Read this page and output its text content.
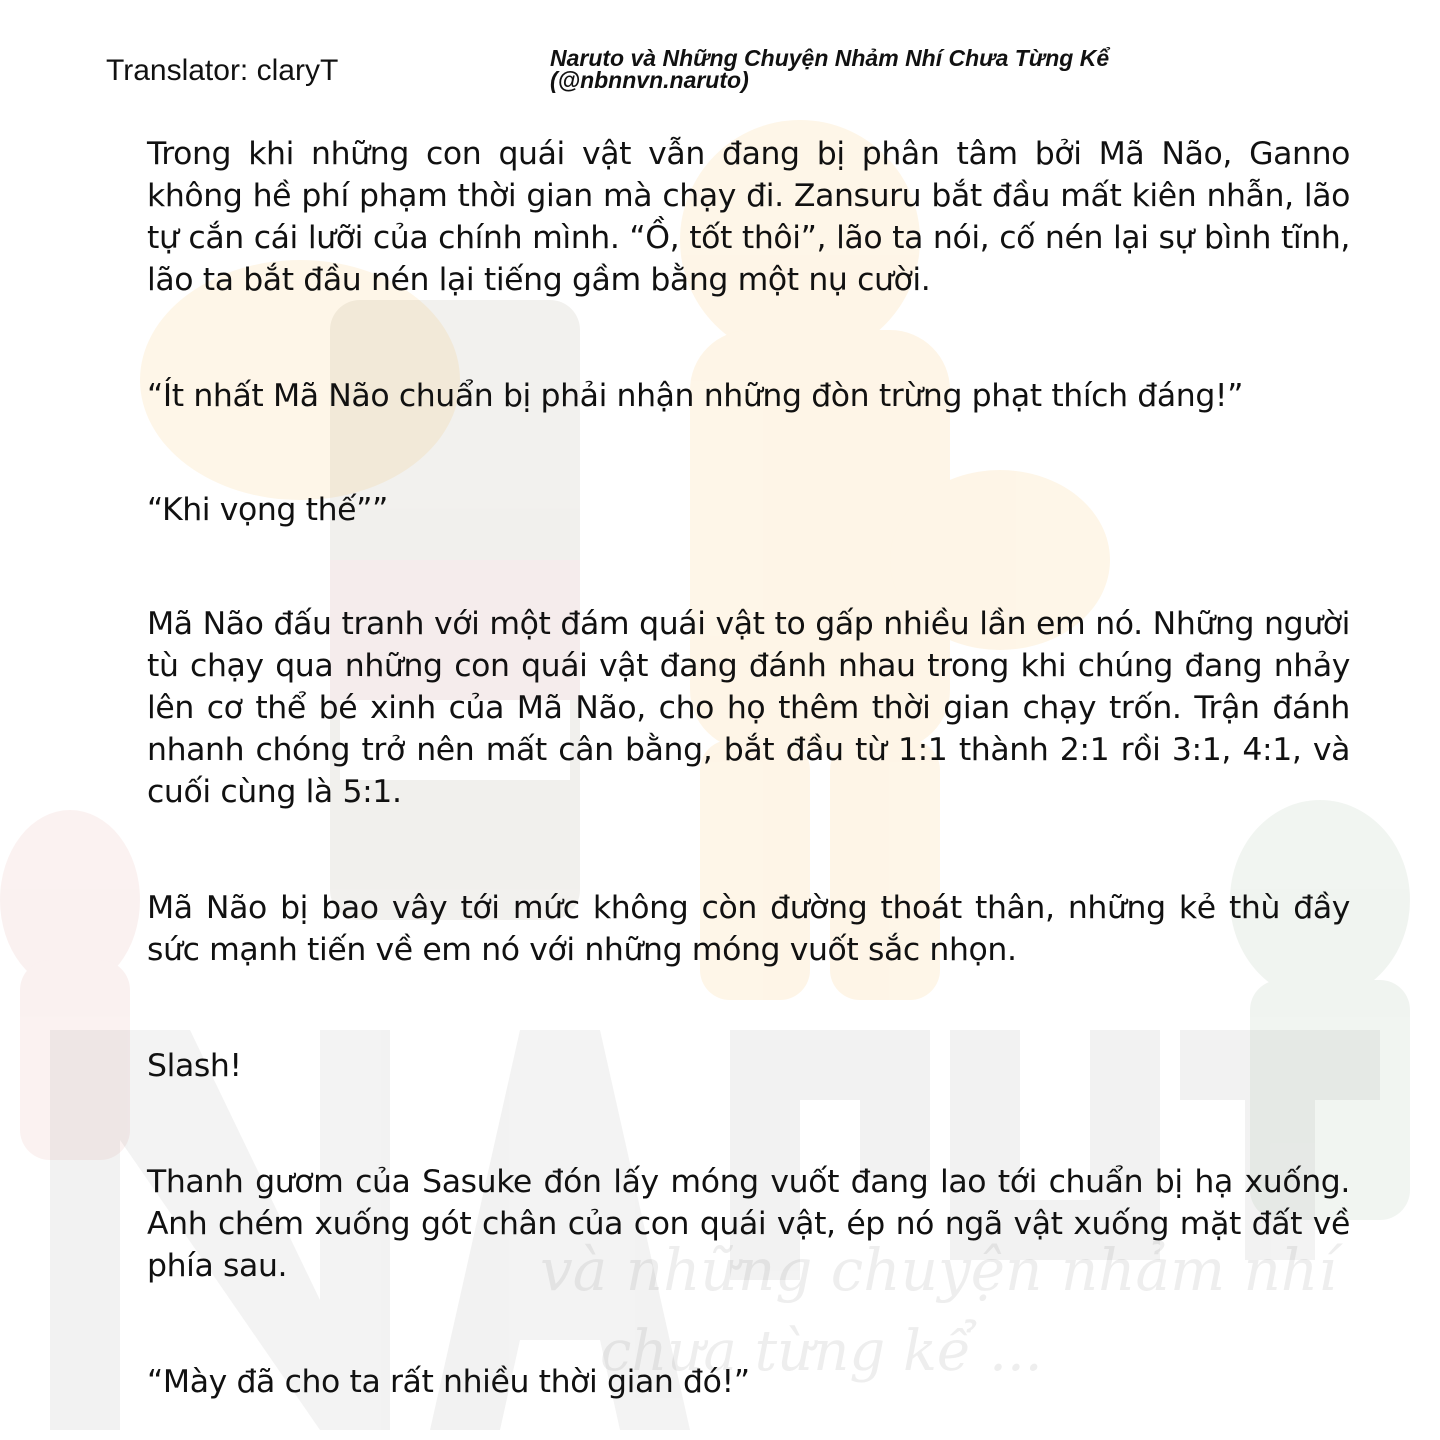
và những chuyện nhảm nhí
chưa từng kể ...
Translator: claryT	Naruto và Những Chuyện Nhảm Nhí Chưa Từng Kể
(@nbnnvn.naruto)

Trong khi những con quái vật vẫn đang bị phân tâm bởi Mã Não, Ganno không hề phí phạm thời gian mà chạy đi. Zansuru bắt đầu mất kiên nhẫn, lão tự cắn cái lưỡi của chính mình. “Ồ, tốt thôi”, lão ta nói, cố nén lại sự bình tĩnh, lão ta bắt đầu nén lại tiếng gầm bằng một nụ cười.

“Ít nhất Mã Não chuẩn bị phải nhận những đòn trừng phạt thích đáng!”

“Khi vọng thế””

Mã Não đấu tranh với một đám quái vật to gấp nhiều lần em nó. Những người tù chạy qua những con quái vật đang đánh nhau trong khi chúng đang nhảy lên cơ thể bé xinh của Mã Não, cho họ thêm thời gian chạy trốn. Trận đánh nhanh chóng trở nên mất cân bằng, bắt đầu từ 1:1 thành 2:1 rồi 3:1, 4:1, và cuối cùng là 5:1.

Mã Não bị bao vây tới mức không còn đường thoát thân, những kẻ thù đầy sức mạnh tiến về em nó với những móng vuốt sắc nhọn.

Slash!

Thanh gươm của Sasuke đón lấy móng vuốt đang lao tới chuẩn bị hạ xuống. Anh chém xuống gót chân của con quái vật, ép nó ngã vật xuống mặt đất về phía sau.

“Mày đã cho ta rất nhiều thời gian đó!”
